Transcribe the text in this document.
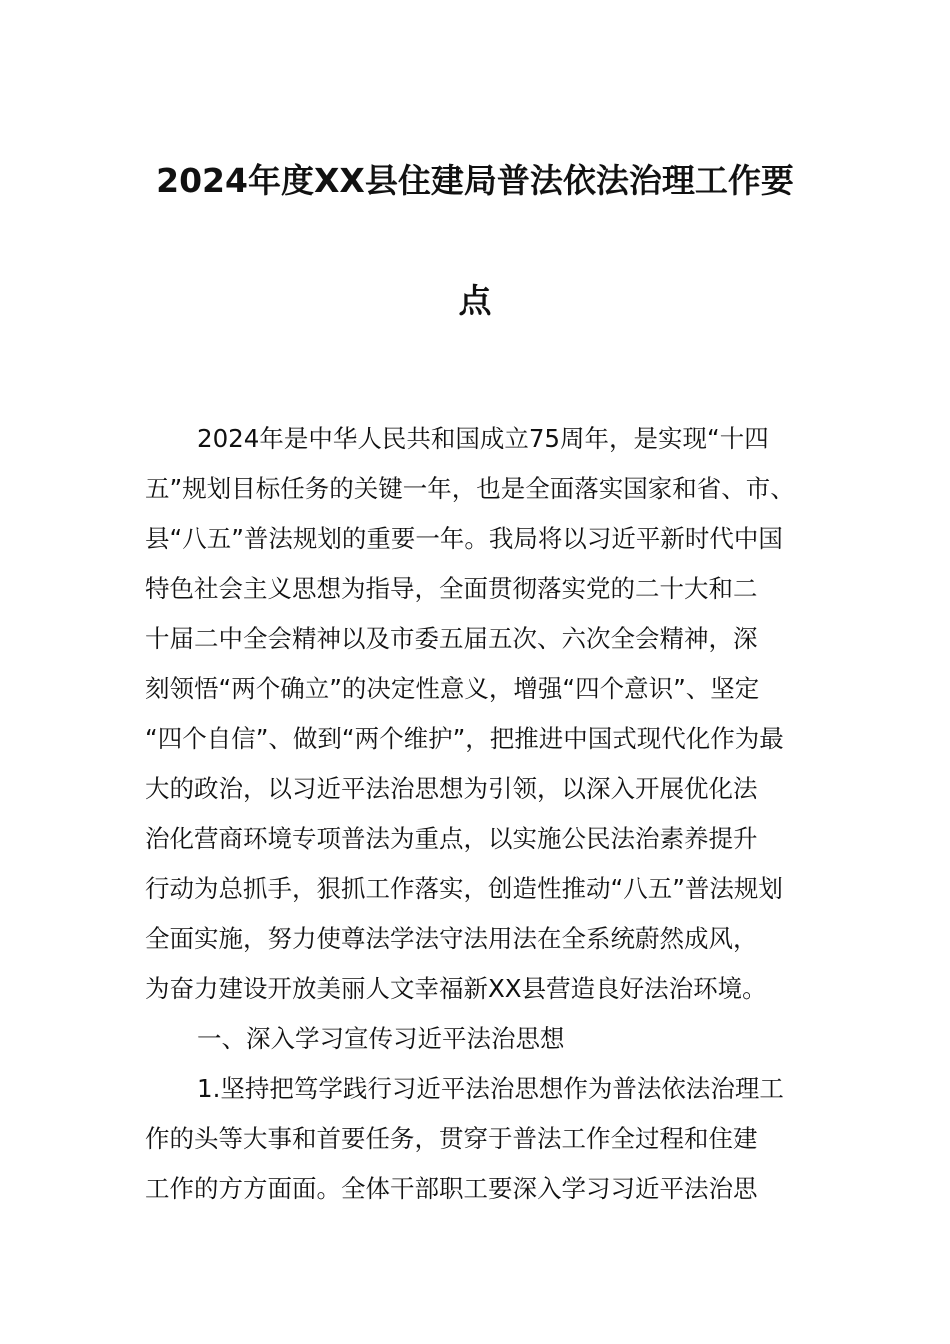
2024年度XX县住建局普法依法治理工作要
点
2024年是中华人民共和国成立75周年，是实现“十四
五”规划目标任务的关键一年，也是全面落实国家和省、市、
县“八五”普法规划的重要一年。我局将以习近平新时代中国
特色社会主义思想为指导，全面贯彻落实党的二十大和二
十届二中全会精神以及市委五届五次、六次全会精神，深
刻领悟“两个确立”的决定性意义，增强“四个意识”、坚定
“四个自信”、做到“两个维护”，把推进中国式现代化作为最
大的政治，以习近平法治思想为引领，以深入开展优化法
治化营商环境专项普法为重点，以实施公民法治素养提升
行动为总抓手，狠抓工作落实，创造性推动“八五”普法规划
全面实施，努力使尊法学法守法用法在全系统蔚然成风，
为奋力建设开放美丽人文幸福新XX县营造良好法治环境。
一、深入学习宣传习近平法治思想
1.坚持把笃学践行习近平法治思想作为普法依法治理工
作的头等大事和首要任务，贯穿于普法工作全过程和住建
工作的方方面面。全体干部职工要深入学习习近平法治思
